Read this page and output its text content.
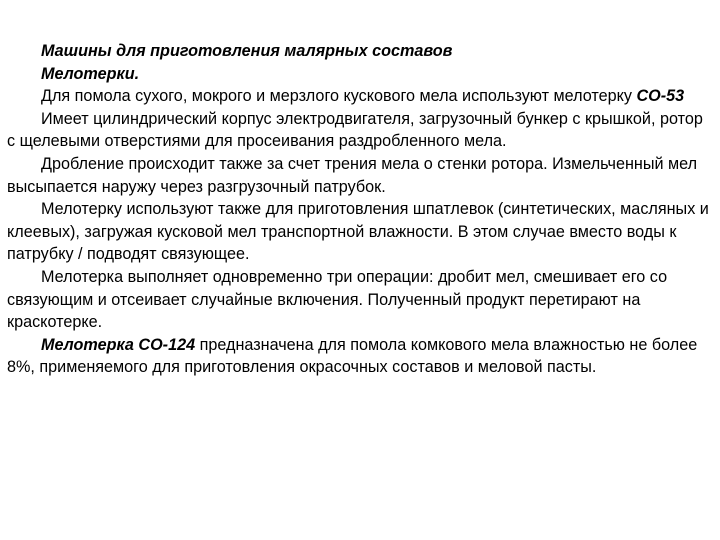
Машины для приготовления малярных составов

Мелотерки.

Для помола сухого, мокрого и мерзлого кускового мела используют мелотерку СО-53

Имеет цилиндрический корпус электродвигателя, загрузочный бункер с крышкой, ротор с щелевыми отверстиями для просеивания раздробленного мела.

Дробление происходит также за счет трения мела о стенки ротора. Измельченный мел высыпается наружу через разгрузочный патрубок.

Мелотерку используют также для приготовления шпатлевок (синтетических, масляных и клеевых), загружая кусковой мел транспортной влажности. В этом случае вместо воды к патрубку / подводят связующее.

Мелотерка выполняет одновременно три операции: дробит мел, смешивает его со связующим и отсеивает случайные включения. Полученный продукт перетирают на краскотерке.

Мелотерка СО-124 предназначена для помола комкового мела влажностью не более 8%, применяемого для приготовления окрасочных составов и меловой пасты.
